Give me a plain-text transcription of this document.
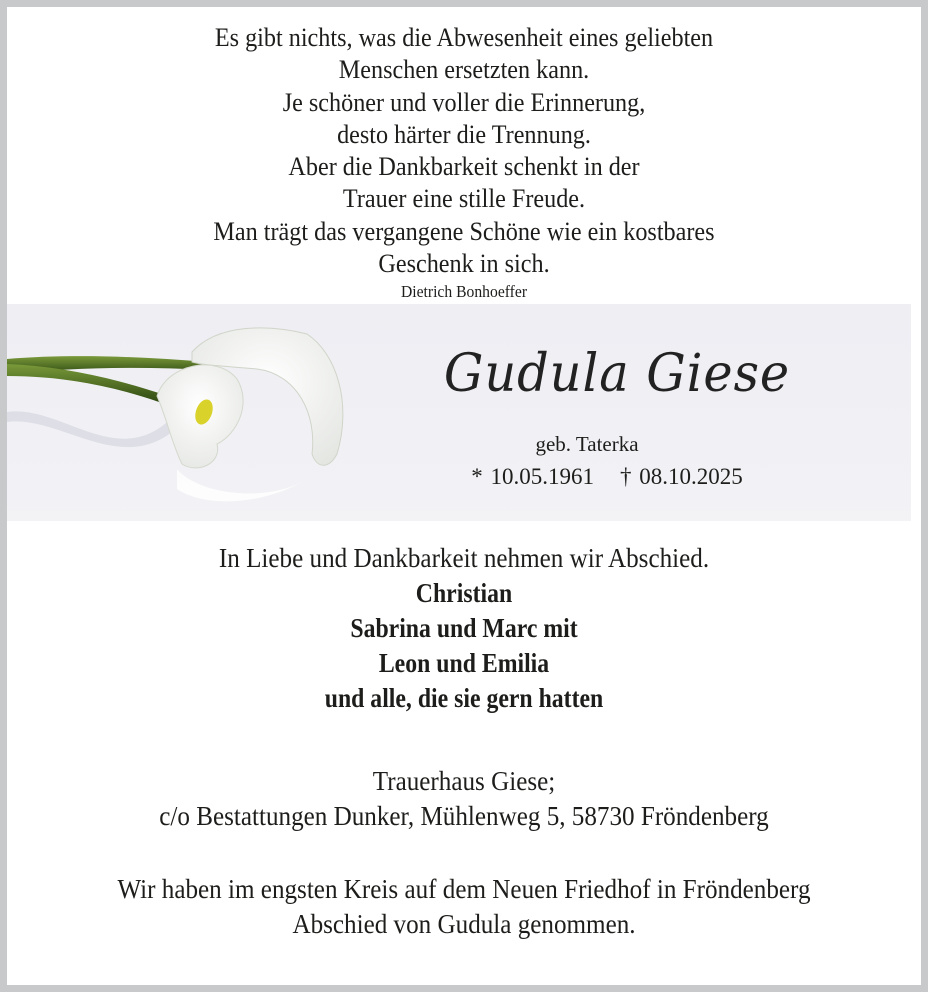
Es gibt nichts, was die Abwesenheit eines geliebten
Menschen ersetzten kann.
Je schöner und voller die Erinnerung,
desto härter die Trennung.
Aber die Dankbarkeit schenkt in der
Trauer eine stille Freude.
Man trägt das vergangene Schöne wie ein kostbares
Geschenk in sich.
Dietrich Bonhoeffer
Gudula Giese
geb. Taterka
* 10.05.1961 † 08.10.2025
In Liebe und Dankbarkeit nehmen wir Abschied.
Christian
Sabrina und Marc mit
Leon und Emilia
und alle, die sie gern hatten
Trauerhaus Giese;
c/o Bestattungen Dunker, Mühlenweg 5, 58730 Fröndenberg
Wir haben im engsten Kreis auf dem Neuen Friedhof in Fröndenberg
Abschied von Gudula genommen.
